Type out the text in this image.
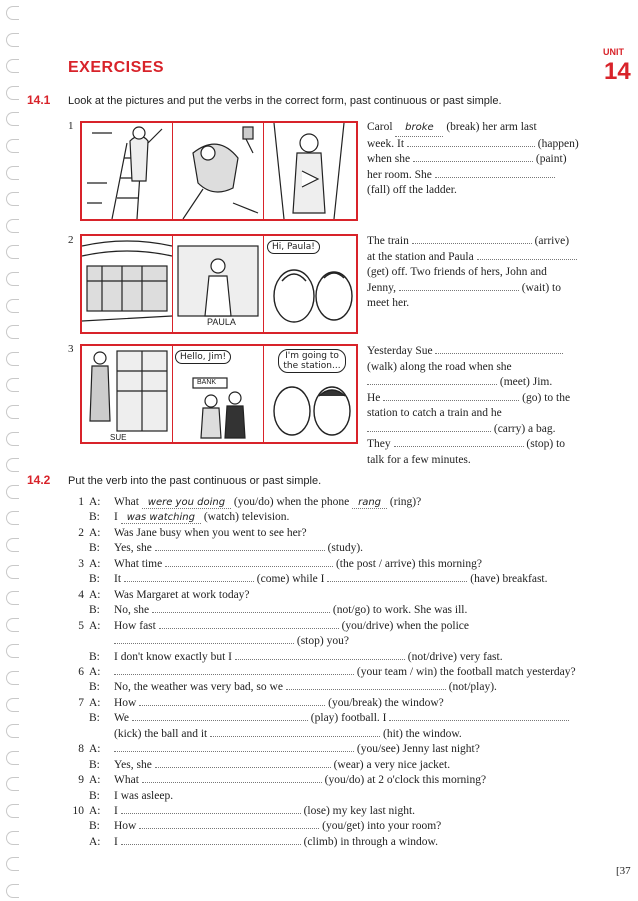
EXERCISES
UNIT
14
14.1 Look at the pictures and put the verbs in the correct form, past continuous or past simple.
1
2
3
PAULA
Hi, Paula!
SUE
BANK
Hello, Jim!	I'm going to the station...
Carol broke (break) her arm last
week. It	(happen)
when she	(paint)
her room. She
(fall) off the ladder.
The train	(arrive)
at the station and Paula
(get) off. Two friends of hers, John and
Jenny,	(wait) to
meet her.
Yesterday Sue
(walk) along the road when she
(meet) Jim.
He	(go) to the
station to catch a train and he
(carry) a bag.
They	(stop) to
talk for a few minutes.
14.2 Put the verb into the past continuous or past simple.
1 A: What were you doing (you/do) when the phone rang (ring)?
B: I was watching (watch) television.
2 A: Was Jane busy when you went to see her?
B: Yes, she	(study).
3 A: What time	(the post / arrive) this morning?
B: It	(come) while I	(have) breakfast.
4 A: Was Margaret at work today?
B: No, she	(not/go) to work. She was ill.
5 A: How fast	(you/drive) when the police
(stop) you?
B: I don't know exactly but I	(not/drive) very fast.
6 A:	(your team / win) the football match yesterday?
B: No, the weather was very bad, so we	(not/play).
7 A: How	(you/break) the window?
B: We	(play) football. I
(kick) the ball and it	(hit) the window.
8 A:	(you/see) Jenny last night?
B: Yes, she	(wear) a very nice jacket.
9 A: What	(you/do) at 2 o'clock this morning?
B: I was asleep.
10 A: I	(lose) my key last night.
B: How	(you/get) into your room?
A: I	(climb) in through a window.
[37
